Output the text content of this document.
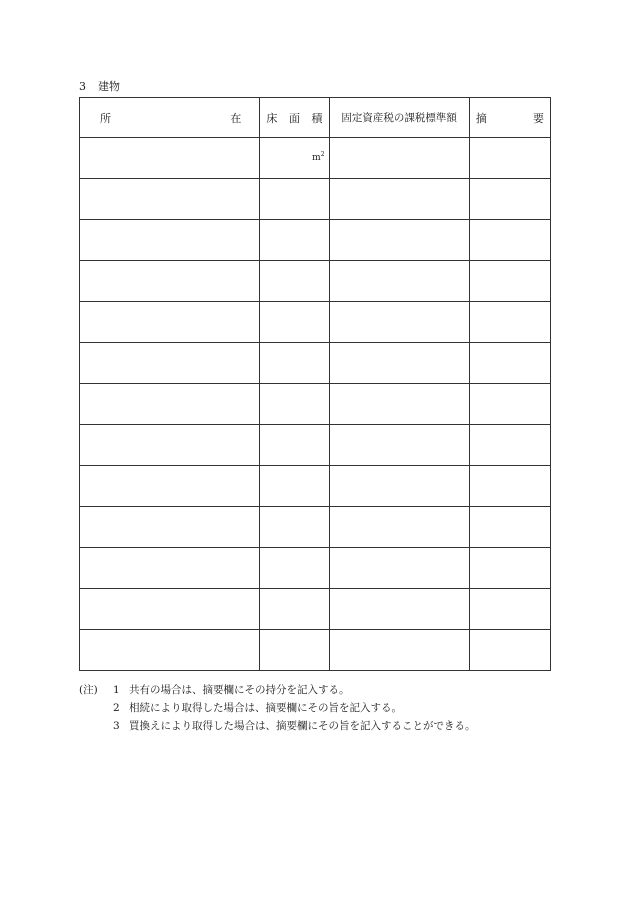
3 建物
所 在	床 面 積	固定資産税の課税標準額	摘 要

	$m^2$

(注)	1 共有の場合は、摘要欄にその持分を記入する。
2 相続により取得した場合は、摘要欄にその旨を記入する。
3 買換えにより取得した場合は、摘要欄にその旨を記入することができる。
